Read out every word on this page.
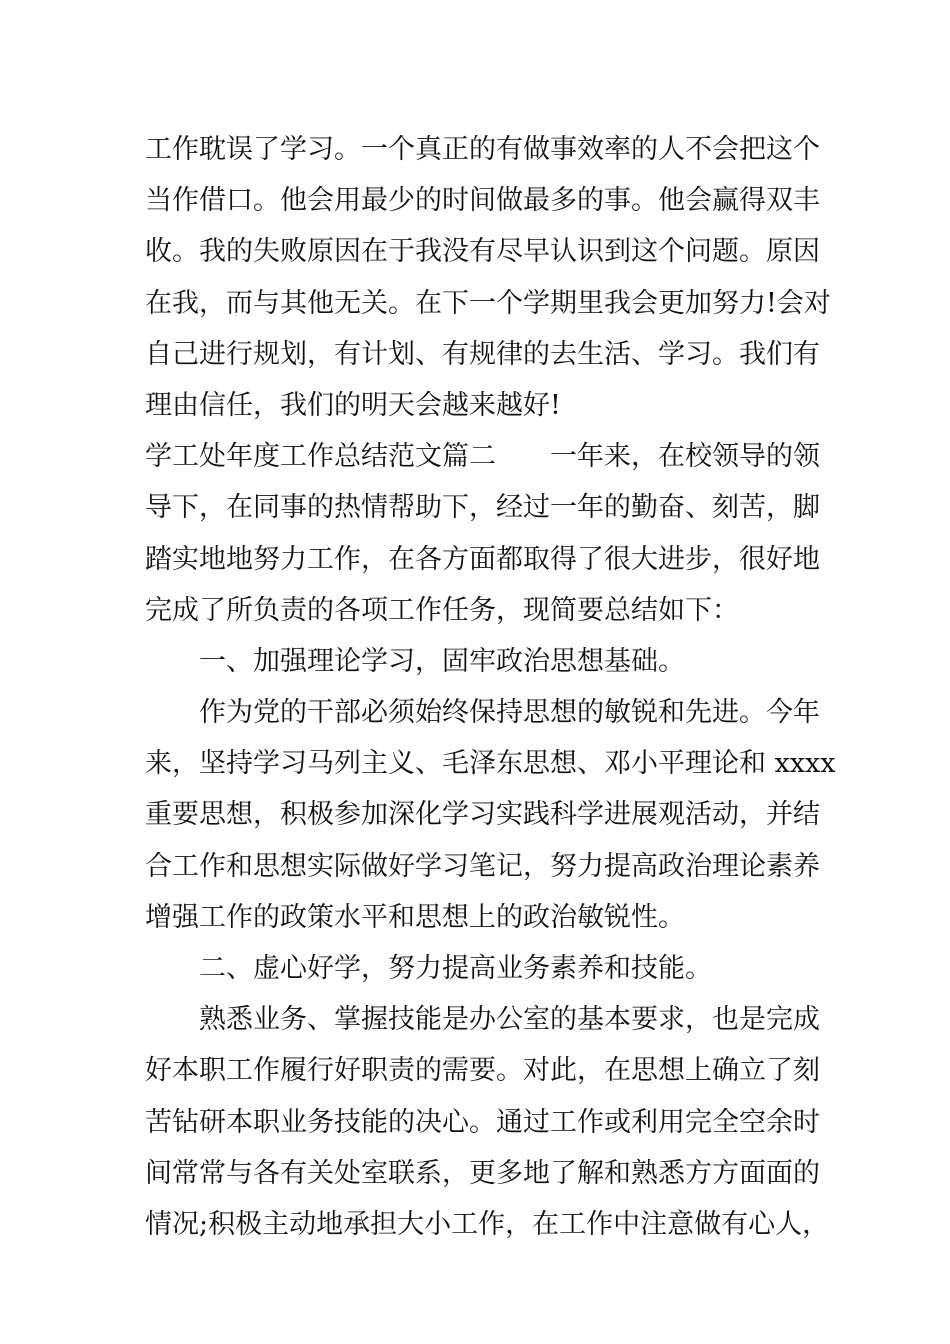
工作耽误了学习。一个真正的有做事效率的人不会把这个
当作借口。他会用最少的时间做最多的事。他会赢得双丰
收。我的失败原因在于我没有尽早认识到这个问题。原因
在我，而与其他无关。在下一个学期里我会更加努力!会对
自己进行规划，有计划、有规律的去生活、学习。我们有
理由信任，我们的明天会越来越好!
学工处年度工作总结范文篇二 一年来，在校领导的领
导下，在同事的热情帮助下，经过一年的勤奋、刻苦，脚
踏实地地努力工作，在各方面都取得了很大进步，很好地
完成了所负责的各项工作任务，现简要总结如下：
一、加强理论学习，固牢政治思想基础。
作为党的干部必须始终保持思想的敏锐和先进。今年
来，坚持学习马列主义、毛泽东思想、邓小平理论和 xxxx
重要思想，积极参加深化学习实践科学进展观活动，并结
合工作和思想实际做好学习笔记，努力提高政治理论素养
增强工作的政策水平和思想上的政治敏锐性。
二、虚心好学，努力提高业务素养和技能。
熟悉业务、掌握技能是办公室的基本要求，也是完成
好本职工作履行好职责的需要。对此，在思想上确立了刻
苦钻研本职业务技能的决心。通过工作或利用完全空余时
间常常与各有关处室联系，更多地了解和熟悉方方面面的
情况;积极主动地承担大小工作，在工作中注意做有心人，
